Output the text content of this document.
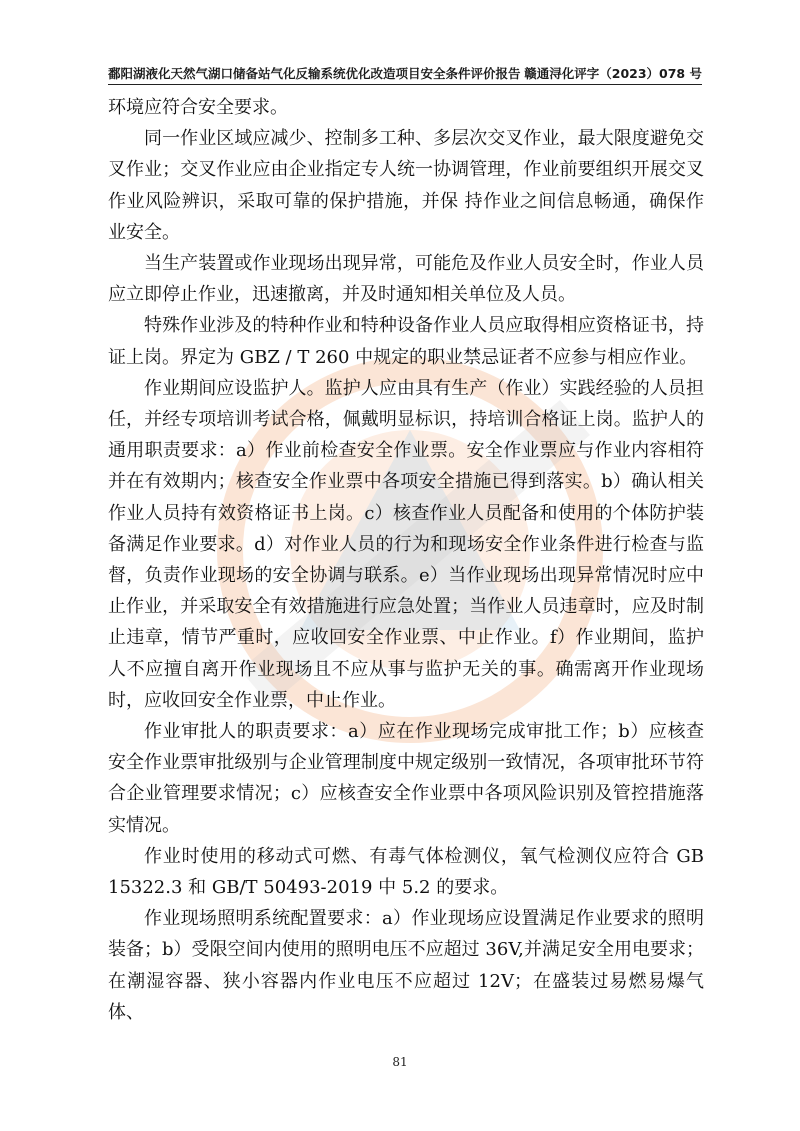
鄱阳湖液化天然气湖口储备站气化反输系统优化改造项目安全条件评价报告 赣通浔化评字（2023）078 号

环境应符合安全要求。

同一作业区域应减少、控制多工种、多层次交叉作业，最大限度避免交叉作业；交叉作业应由企业指定专人统一协调管理，作业前要组织开展交叉作业风险辨识，采取可靠的保护措施，并保 持作业之间信息畅通，确保作业安全。

当生产装置或作业现场出现异常，可能危及作业人员安全时，作业人员应立即停止作业，迅速撤离，并及时通知相关单位及人员。

特殊作业涉及的特种作业和特种设备作业人员应取得相应资格证书，持证上岗。界定为 GBZ / T 260 中规定的职业禁忌证者不应参与相应作业。

作业期间应设监护人。监护人应由具有生产（作业）实践经验的人员担任，并经专项培训考试合格，佩戴明显标识，持培训合格证上岗。监护人的通用职责要求：a）作业前检查安全作业票。安全作业票应与作业内容相符并在有效期内；核查安全作业票中各项安全措施已得到落实。b）确认相关作业人员持有效资格证书上岗。c）核查作业人员配备和使用的个体防护装备满足作业要求。d）对作业人员的行为和现场安全作业条件进行检查与监督，负责作业现场的安全协调与联系。e）当作业现场出现异常情况时应中止作业，并采取安全有效措施进行应急处置；当作业人员违章时，应及时制止违章，情节严重时，应收回安全作业票、中止作业。f）作业期间，监护人不应擅自离开作业现场且不应从事与监护无关的事。确需离开作业现场时，应收回安全作业票，中止作业。

作业审批人的职责要求：a）应在作业现场完成审批工作；b）应核查安全作业票审批级别与企业管理制度中规定级别一致情况，各项审批环节符合企业管理要求情况；c）应核查安全作业票中各项风险识别及管控措施落实情况。

作业时使用的移动式可燃、有毒气体检测仪，氧气检测仪应符合 GB 15322.3 和 GB/T 50493-2019 中 5.2 的要求。

作业现场照明系统配置要求：a）作业现场应设置满足作业要求的照明装备；b）受限空间内使用的照明电压不应超过 36V,并满足安全用电要求；在潮湿容器、狭小容器内作业电压不应超过 12V；在盛装过易燃易爆气体、

81
